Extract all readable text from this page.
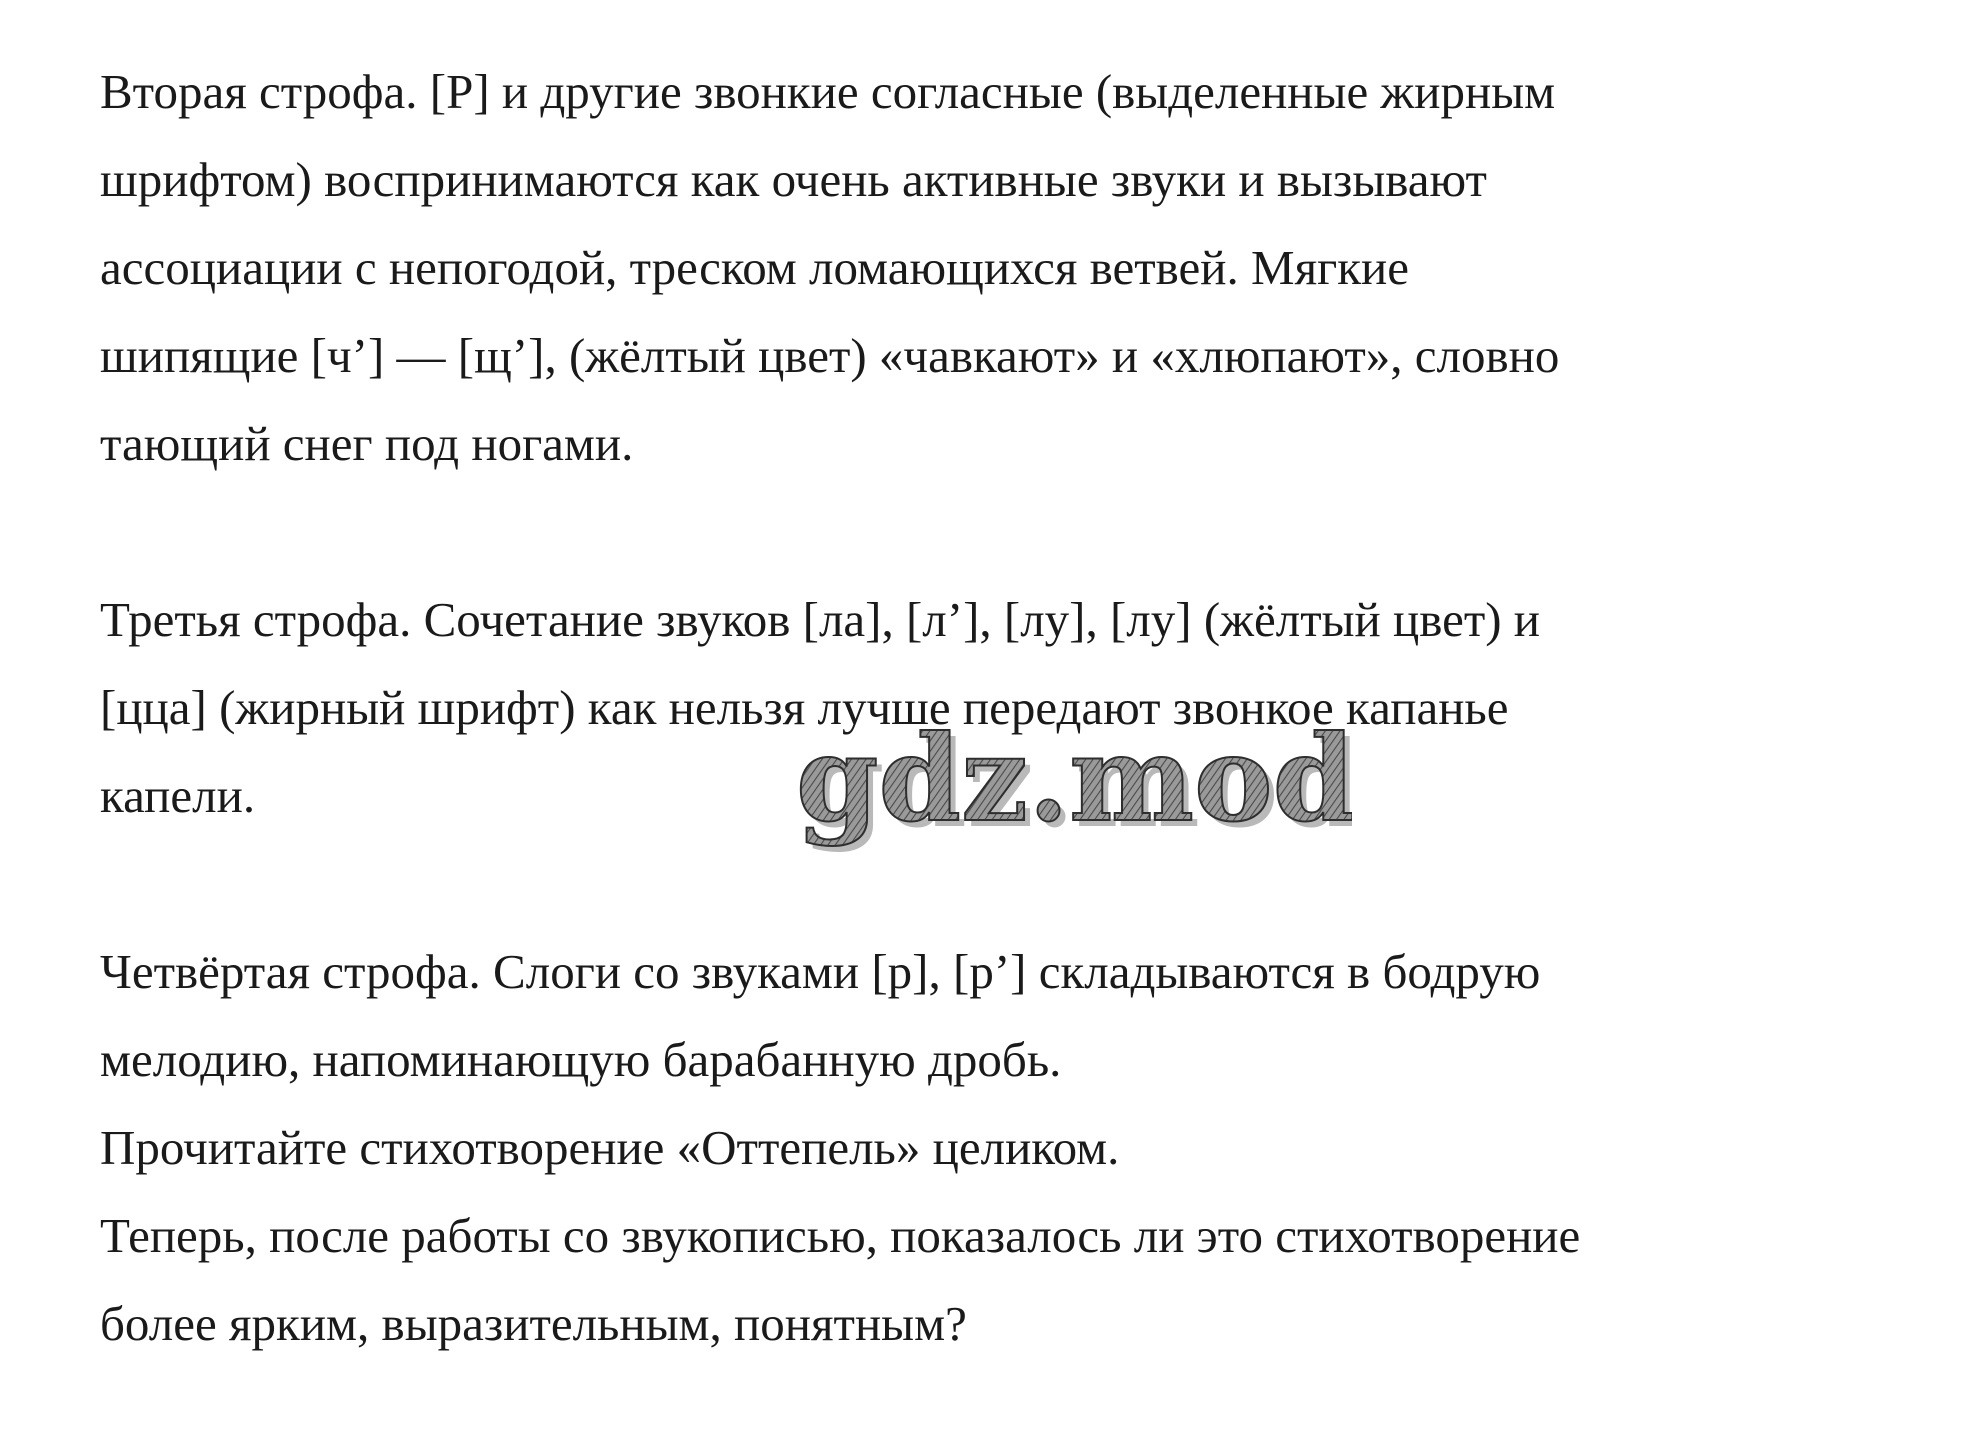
Вторая строфа. [Р] и другие звонкие согласные (выделенные жирным
шрифтом) воспринимаются как очень активные звуки и вызывают
ассоциации с непогодой, треском ломающихся ветвей. Мягкие
шипящие [ч’] — [щ’], (жёлтый цвет) «чавкают» и «хлюпают», словно
тающий снег под ногами.
Третья строфа. Сочетание звуков [ла], [л’], [лу], [лу] (жёлтый цвет) и
[цца] (жирный шрифт) как нельзя лучше передают звонкое капанье
капели.
Четвёртая строфа. Слоги со звуками [р], [р’] складываются в бодрую
мелодию, напоминающую барабанную дробь.
Прочитайте стихотворение «Оттепель» целиком.
Теперь, после работы со звукописью, показалось ли это стихотворение
более ярким, выразительным, понятным?
gdz.mod
gdz.mod
